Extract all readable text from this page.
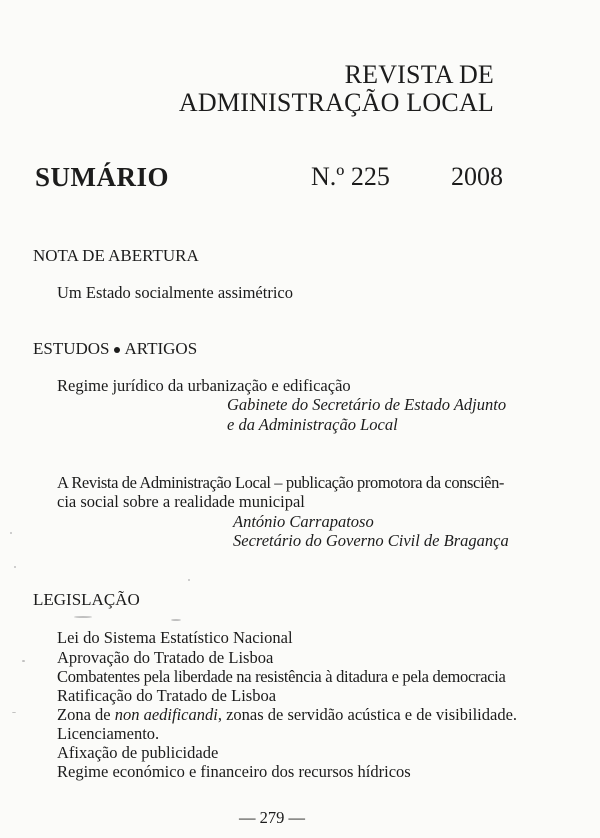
REVISTA DE
ADMINISTRAÇÃO LOCAL
SUMÁRIO	N.º 225 2008
NOTA DE ABERTURA
Um Estado socialmente assimétrico
ESTUDOS ARTIGOS
Regime jurídico da urbanização e edificação
Gabinete do Secretário de Estado Adjunto
e da Administração Local
A Revista de Administração Local – publicação promotora da consciên-
cia social sobre a realidade municipal
António Carrapatoso
Secretário do Governo Civil de Bragança
LEGISLAÇÃO
Lei do Sistema Estatístico Nacional
Aprovação do Tratado de Lisboa
Combatentes pela liberdade na resistência à ditadura e pela democracia
Ratificação do Tratado de Lisboa
Zona de non aedificandi, zonas de servidão acústica e de visibilidade.
Licenciamento.
Afixação de publicidade
Regime económico e financeiro dos recursos hídricos
— 279 —
